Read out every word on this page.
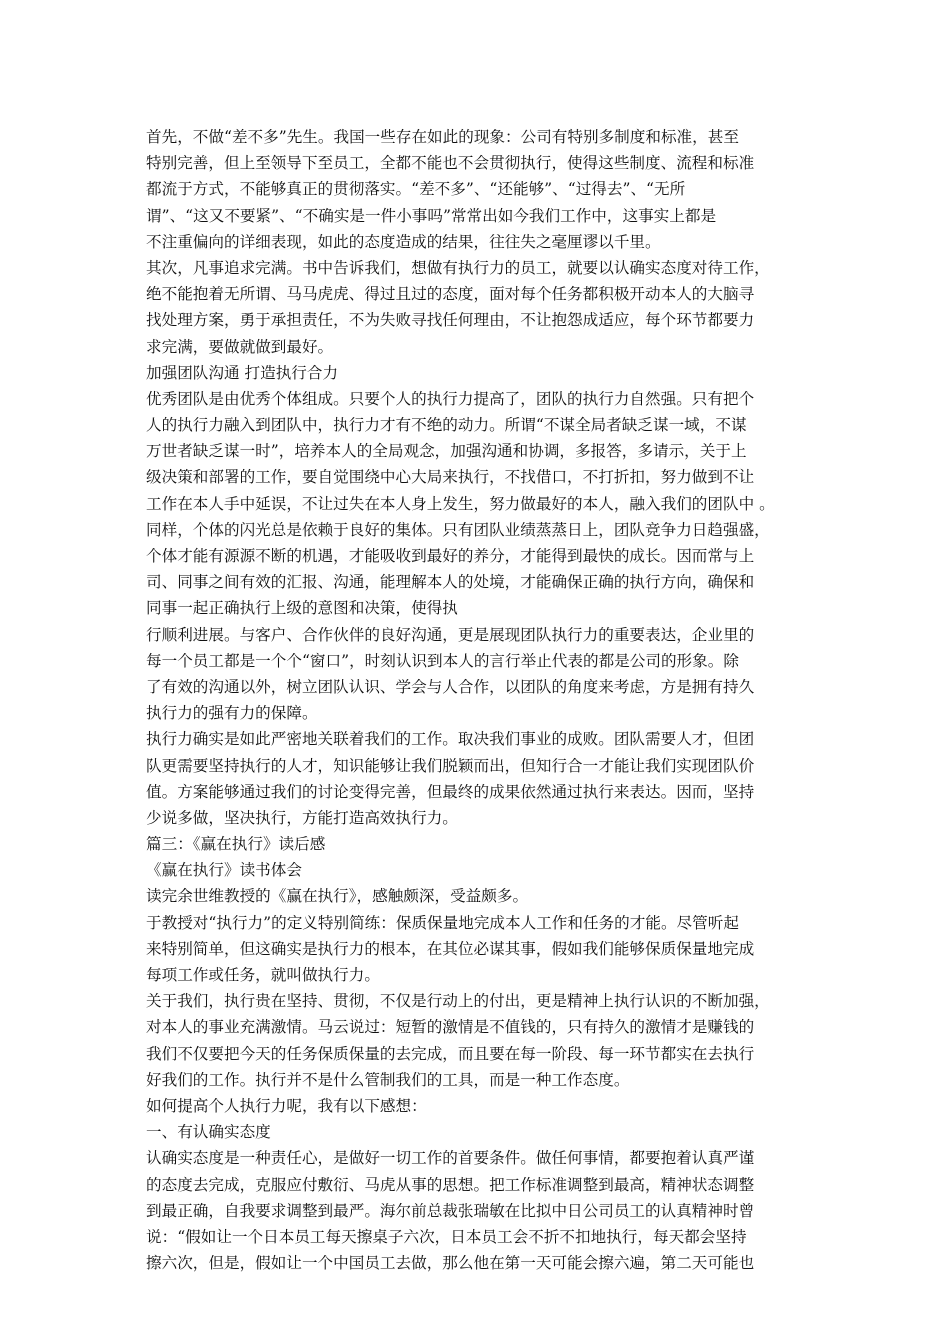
首先，不做“差不多”先生。我国一些存在如此的现象：公司有特别多制度和标准，甚至
特别完善，但上至领导下至员工，全都不能也不会贯彻执行，使得这些制度、流程和标准
都流于方式，不能够真正的贯彻落实。“差不多”、“还能够”、“过得去”、“无所
谓”、“这又不要紧”、“不确实是一件小事吗”常常出如今我们工作中，这事实上都是
不注重偏向的详细表现，如此的态度造成的结果，往往失之毫厘谬以千里。
其次，凡事追求完满。书中告诉我们，想做有执行力的员工，就要以认确实态度对待工作，
绝不能抱着无所谓、马马虎虎、得过且过的态度，面对每个任务都积极开动本人的大脑寻
找处理方案，勇于承担责任，不为失败寻找任何理由，不让抱怨成适应，每个环节都要力
求完满，要做就做到最好。
加强团队沟通 打造执行合力
优秀团队是由优秀个体组成。只要个人的执行力提高了，团队的执行力自然强。只有把个
人的执行力融入到团队中，执行力才有不绝的动力。所谓“不谋全局者缺乏谋一域，不谋
万世者缺乏谋一时”，培养本人的全局观念，加强沟通和协调，多报答，多请示，关于上
级决策和部署的工作，要自觉围绕中心大局来执行，不找借口，不打折扣，努力做到不让
工作在本人手中延误，不让过失在本人身上发生，努力做最好的本人，融入我们的团队中 。
同样，个体的闪光总是依赖于良好的集体。只有团队业绩蒸蒸日上，团队竞争力日趋强盛，
个体才能有源源不断的机遇，才能吸收到最好的养分，才能得到最快的成长。因而常与上
司、同事之间有效的汇报、沟通，能理解本人的处境，才能确保正确的执行方向，确保和
同事一起正确执行上级的意图和决策，使得执
行顺利进展。与客户、合作伙伴的良好沟通，更是展现团队执行力的重要表达，企业里的
每一个员工都是一个个“窗口”，时刻认识到本人的言行举止代表的都是公司的形象。除
了有效的沟通以外，树立团队认识、学会与人合作，以团队的角度来考虑，方是拥有持久
执行力的强有力的保障。
执行力确实是如此严密地关联着我们的工作。取决我们事业的成败。团队需要人才，但团
队更需要坚持执行的人才，知识能够让我们脱颖而出，但知行合一才能让我们实现团队价
值。方案能够通过我们的讨论变得完善，但最终的成果依然通过执行来表达。因而，坚持
少说多做，坚决执行，方能打造高效执行力。
篇三：《赢在执行》读后感
《赢在执行》读书体会
读完余世维教授的《赢在执行》，感触颇深，受益颇多。
于教授对“执行力”的定义特别简练：保质保量地完成本人工作和任务的才能。尽管听起
来特别简单，但这确实是执行力的根本，在其位必谋其事，假如我们能够保质保量地完成
每项工作或任务，就叫做执行力。
关于我们，执行贵在坚持、贯彻，不仅是行动上的付出，更是精神上执行认识的不断加强，
对本人的事业充满激情。马云说过：短暂的激情是不值钱的，只有持久的激情才是赚钱的
我们不仅要把今天的任务保质保量的去完成，而且要在每一阶段、每一环节都实在去执行
好我们的工作。执行并不是什么管制我们的工具，而是一种工作态度。
如何提高个人执行力呢，我有以下感想：
一、有认确实态度
认确实态度是一种责任心，是做好一切工作的首要条件。做任何事情，都要抱着认真严谨
的态度去完成，克服应付敷衍、马虎从事的思想。把工作标准调整到最高，精神状态调整
到最正确，自我要求调整到最严。海尔前总裁张瑞敏在比拟中日公司员工的认真精神时曾
说：“假如让一个日本员工每天擦桌子六次，日本员工会不折不扣地执行，每天都会坚持
擦六次，但是，假如让一个中国员工去做，那么他在第一天可能会擦六遍，第二天可能也
